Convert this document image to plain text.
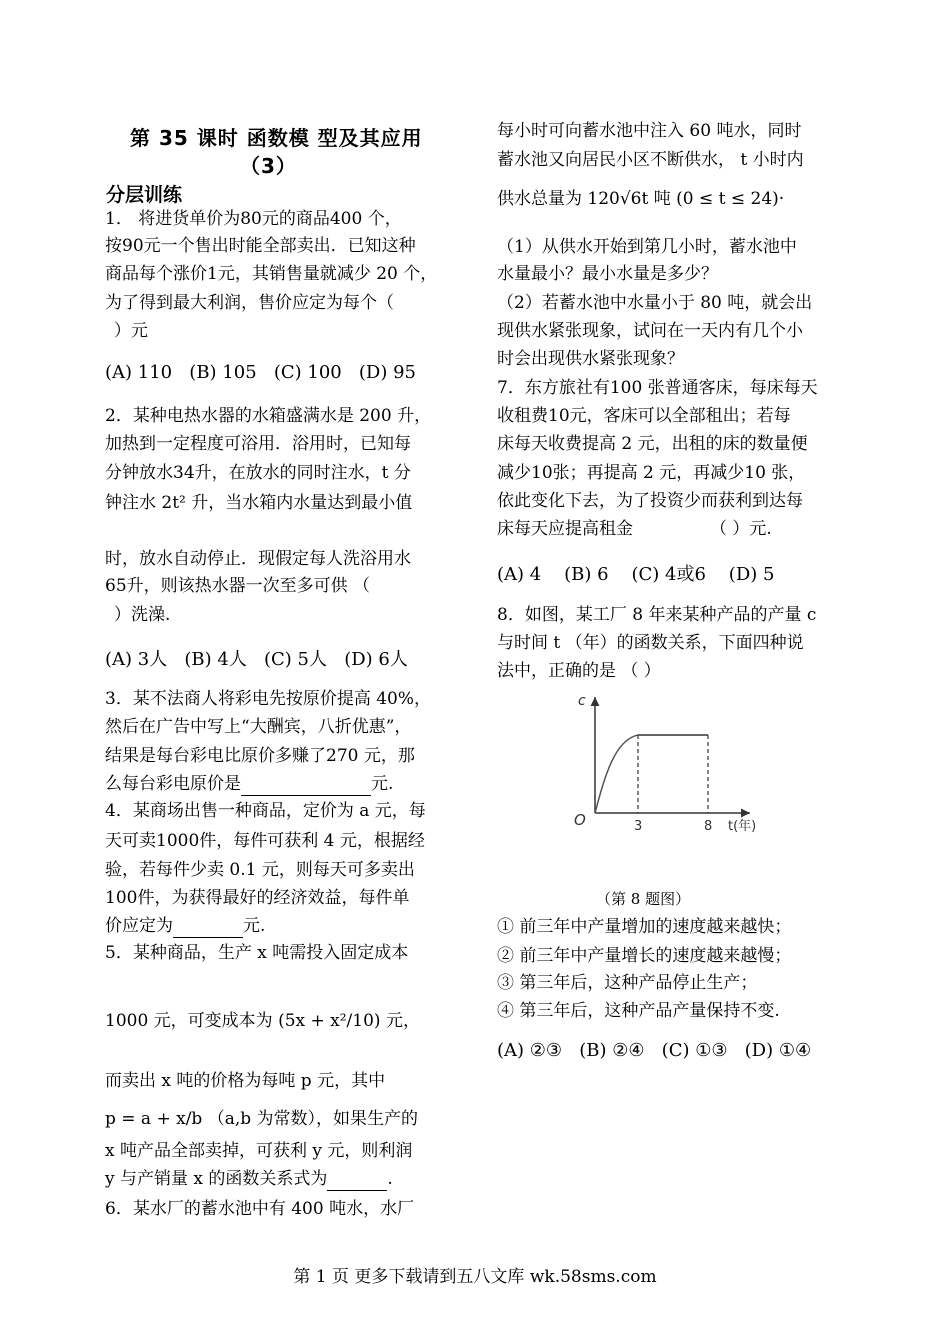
第 35 课时 函数模 型及其应用
（3）
分层训练
1． 将进货单价为80元的商品400 个，
按90元一个售出时能全部卖出．已知这种
商品每个涨价1元，其销售量就减少 20 个，
为了得到最大利润，售价应定为每个（
）元
(A) 110 (B) 105 (C) 100 (D) 95
2．某种电热水器的水箱盛满水是 200 升，
加热到一定程度可浴用．浴用时，已知每
分钟放水34升，在放水的同时注水，t 分
钟注水 2t² 升，当水箱内水量达到最小值
时，放水自动停止．现假定每人洗浴用水
65升，则该热水器一次至多可供 （
）洗澡.
(A) 3人 (B) 4人 (C) 5人 (D) 6人
3．某不法商人将彩电先按原价提高 40%，
然后在广告中写上“大酬宾，八折优惠”，
结果是每台彩电比原价多赚了270 元，那
么每台彩电原价是	元.
4．某商场出售一种商品，定价为 a 元，每
天可卖1000件，每件可获利 4 元，根据经
验，若每件少卖 0.1 元，则每天可多卖出
100件，为获得最好的经济效益，每件单
价应定为	元.
5．某种商品，生产 x 吨需投入固定成本
1000 元，可变成本为 (5x + x²/10) 元，
而卖出 x 吨的价格为每吨 p 元，其中
p = a + x/b （a,b 为常数），如果生产的
x 吨产品全部卖掉，可获利 y 元，则利润
y 与产销量 x 的函数关系式为	.
6．某水厂的蓄水池中有 400 吨水，水厂
每小时可向蓄水池中注入 60 吨水，同时
蓄水池又向居民小区不断供水， t 小时内
供水总量为 120√6t 吨 (0 ≤ t ≤ 24)·
（1）从供水开始到第几小时，蓄水池中
水量最小？最小水量是多少？
（2）若蓄水池中水量小于 80 吨，就会出
现供水紧张现象，试问在一天内有几个小
时会出现供水紧张现象？
7．东方旅社有100 张普通客床，每床每天
收租费10元，客床可以全部租出；若每
床每天收费提高 2 元，出租的床的数量便
减少10张；再提高 2 元，再减少10 张，
依此变化下去，为了投资少而获利到达每
床每天应提高租金	（ ）元.
(A) 4 (B) 6 (C) 4或6 (D) 5
8．如图，某工厂 8 年来某种产品的产量 c
与时间 t （年）的函数关系，下面四种说
法中，正确的是 （ ）
c
O	3	8 t(年)
（第 8 题图）
① 前三年中产量增加的速度越来越快；
② 前三年中产量增长的速度越来越慢；
③ 第三年后，这种产品停止生产；
④ 第三年后，这种产品产量保持不变.
(A) ②③ (B) ②④ (C) ①③ (D) ①④
第 1 页 更多下载请到五八文库 wk.58sms.com
